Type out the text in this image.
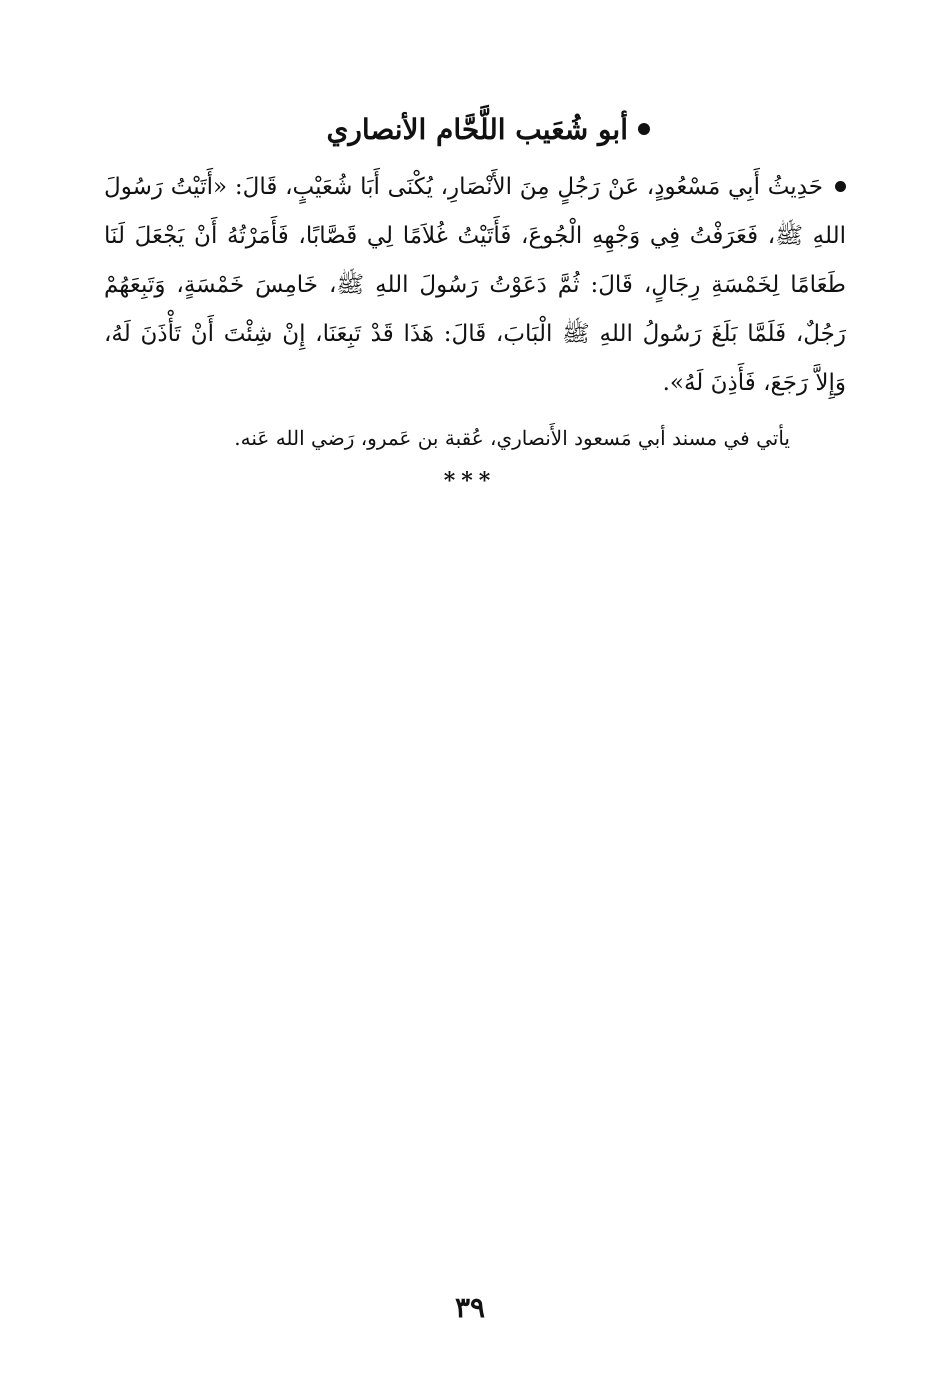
أبو شُعَيب اللَّحَّام الأنصاري
حَدِيثُ أَبِي مَسْعُودٍ، عَنْ رَجُلٍ مِنَ الأَنْصَارِ، يُكْنَى أَبَا شُعَيْبٍ، قَالَ: «أَتَيْتُ رَسُولَ اللهِ ﷺ، فَعَرَفْتُ فِي وَجْهِهِ الْجُوعَ، فَأَتَيْتُ غُلاَمًا لِي قَصَّابًا، فَأَمَرْتُهُ أَنْ يَجْعَلَ لَنَا طَعَامًا لِخَمْسَةِ رِجَالٍ، قَالَ: ثُمَّ دَعَوْتُ رَسُولَ اللهِ ﷺ، خَامِسَ خَمْسَةٍ، وَتَبِعَهُمْ رَجُلٌ، فَلَمَّا بَلَغَ رَسُولُ اللهِ ﷺ الْبَابَ، قَالَ: هَذَا قَدْ تَبِعَنَا، إِنْ شِئْتَ أَنْ تَأْذَنَ لَهُ، وَإِلاَّ رَجَعَ، فَأَذِنَ لَهُ».
يأتي في مسند أبي مَسعود الأَنصاري، عُقبة بن عَمرو، رَضي الله عَنه.
***
٣٩
